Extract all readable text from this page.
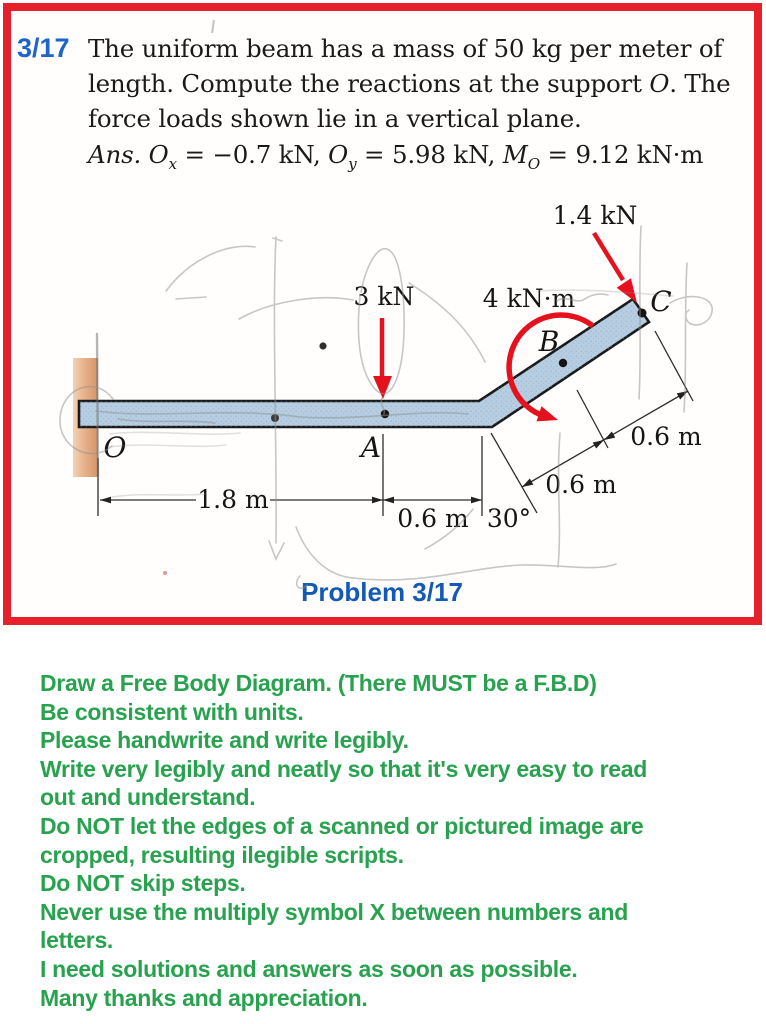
3/17 The uniform beam has a mass of 50 kg per meter of
length. Compute the reactions at the support O. The
force loads shown lie in a vertical plane.
Ans. $O_x = -0.7$ kN, $O_y = 5.98$ kN, $M_O = 9.12$ kN·m
3 kN	4 kN·m
1.4 kN
O	A
B
C
1.8 m
0.6 m 30°
0.6 m
0.6 m
Problem 3/17
Draw a Free Body Diagram. (There MUST be a F.B.D)
Be consistent with units.
Please handwrite and write legibly.
Write very legibly and neatly so that it's very easy to read
out and understand.
Do NOT let the edges of a scanned or pictured image are
cropped, resulting ilegible scripts.
Do NOT skip steps.
Never use the multiply symbol X between numbers and
letters.
I need solutions and answers as soon as possible.
Many thanks and appreciation.
